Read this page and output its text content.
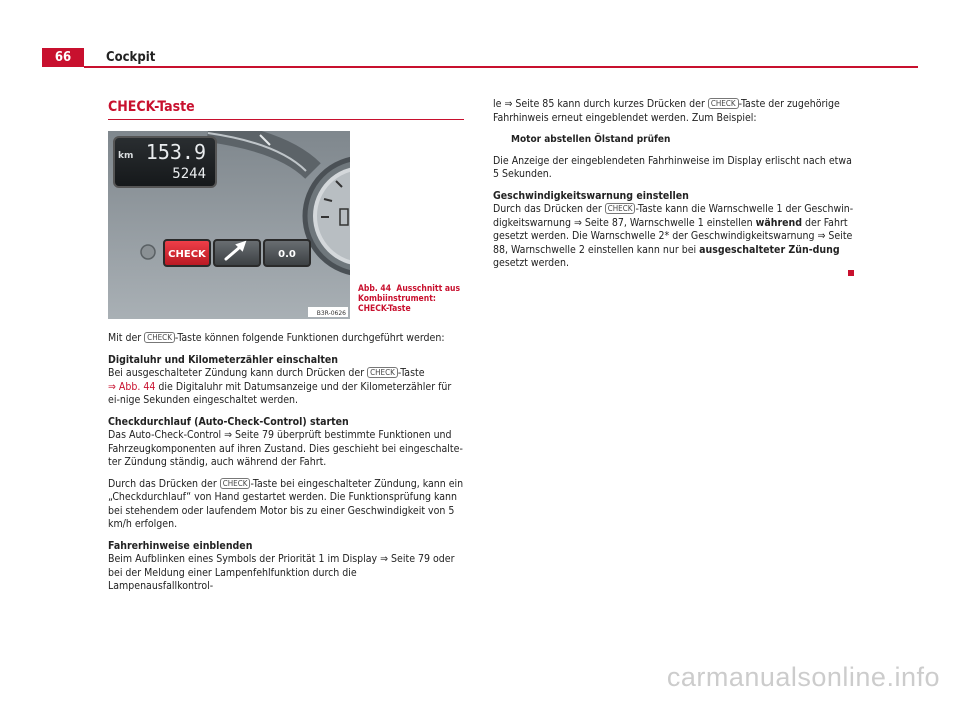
66	Cockpit
CHECK-Taste
km 153.9
5244
CHECK	0.0
B3R-0626
Abb. 44 Ausschnitt aus Kombiinstrument: CHECK-Taste

Mit der CHECK -Taste können folgende Funktionen durchgeführt werden:

Digitaluhr und Kilometerzähler einschalten

Bei ausgeschalteter Zündung kann durch Drücken der CHECK -Taste
⇒ Abb. 44 die Digitaluhr mit Datumsanzeige und der Kilometerzähler für ei-nige Sekunden eingeschaltet werden.

Checkdurchlauf (Auto-Check-Control) starten

Das Auto-Check-Control ⇒ Seite 79 überprüft bestimmte Funktionen und Fahrzeugkomponenten auf ihren Zustand. Dies geschieht bei eingeschalte-ter Zündung ständig, auch während der Fahrt.

Durch das Drücken der CHECK -Taste bei eingeschalteter Zündung, kann ein „Checkdurchlauf“ von Hand gestartet werden. Die Funktionsprüfung kann bei stehendem oder laufendem Motor bis zu einer Geschwindigkeit von 5 km/h erfolgen.

Fahrerhinweise einblenden

Beim Aufblinken eines Symbols der Priorität 1 im Display ⇒ Seite 79 oder bei der Meldung einer Lampenfehlfunktion durch die Lampenausfallkontrol-

le ⇒ Seite 85 kann durch kurzes Drücken der CHECK -Taste der zugehörige Fahrhinweis erneut eingeblendet werden. Zum Beispiel:

Motor abstellen Ölstand prüfen

Die Anzeige der eingeblendeten Fahrhinweise im Display erlischt nach etwa 5 Sekunden.

Geschwindigkeitswarnung einstellen

Durch das Drücken der CHECK -Taste kann die Warnschwelle 1 der Geschwin-digkeitswarnung ⇒ Seite 87, Warnschwelle 1 einstellen während der Fahrt gesetzt werden. Die Warnschwelle 2* der Geschwindigkeitswarnung ⇒ Seite 88, Warnschwelle 2 einstellen kann nur bei ausgeschalteter Zün-dung gesetzt werden.

carmanualsonline.info
